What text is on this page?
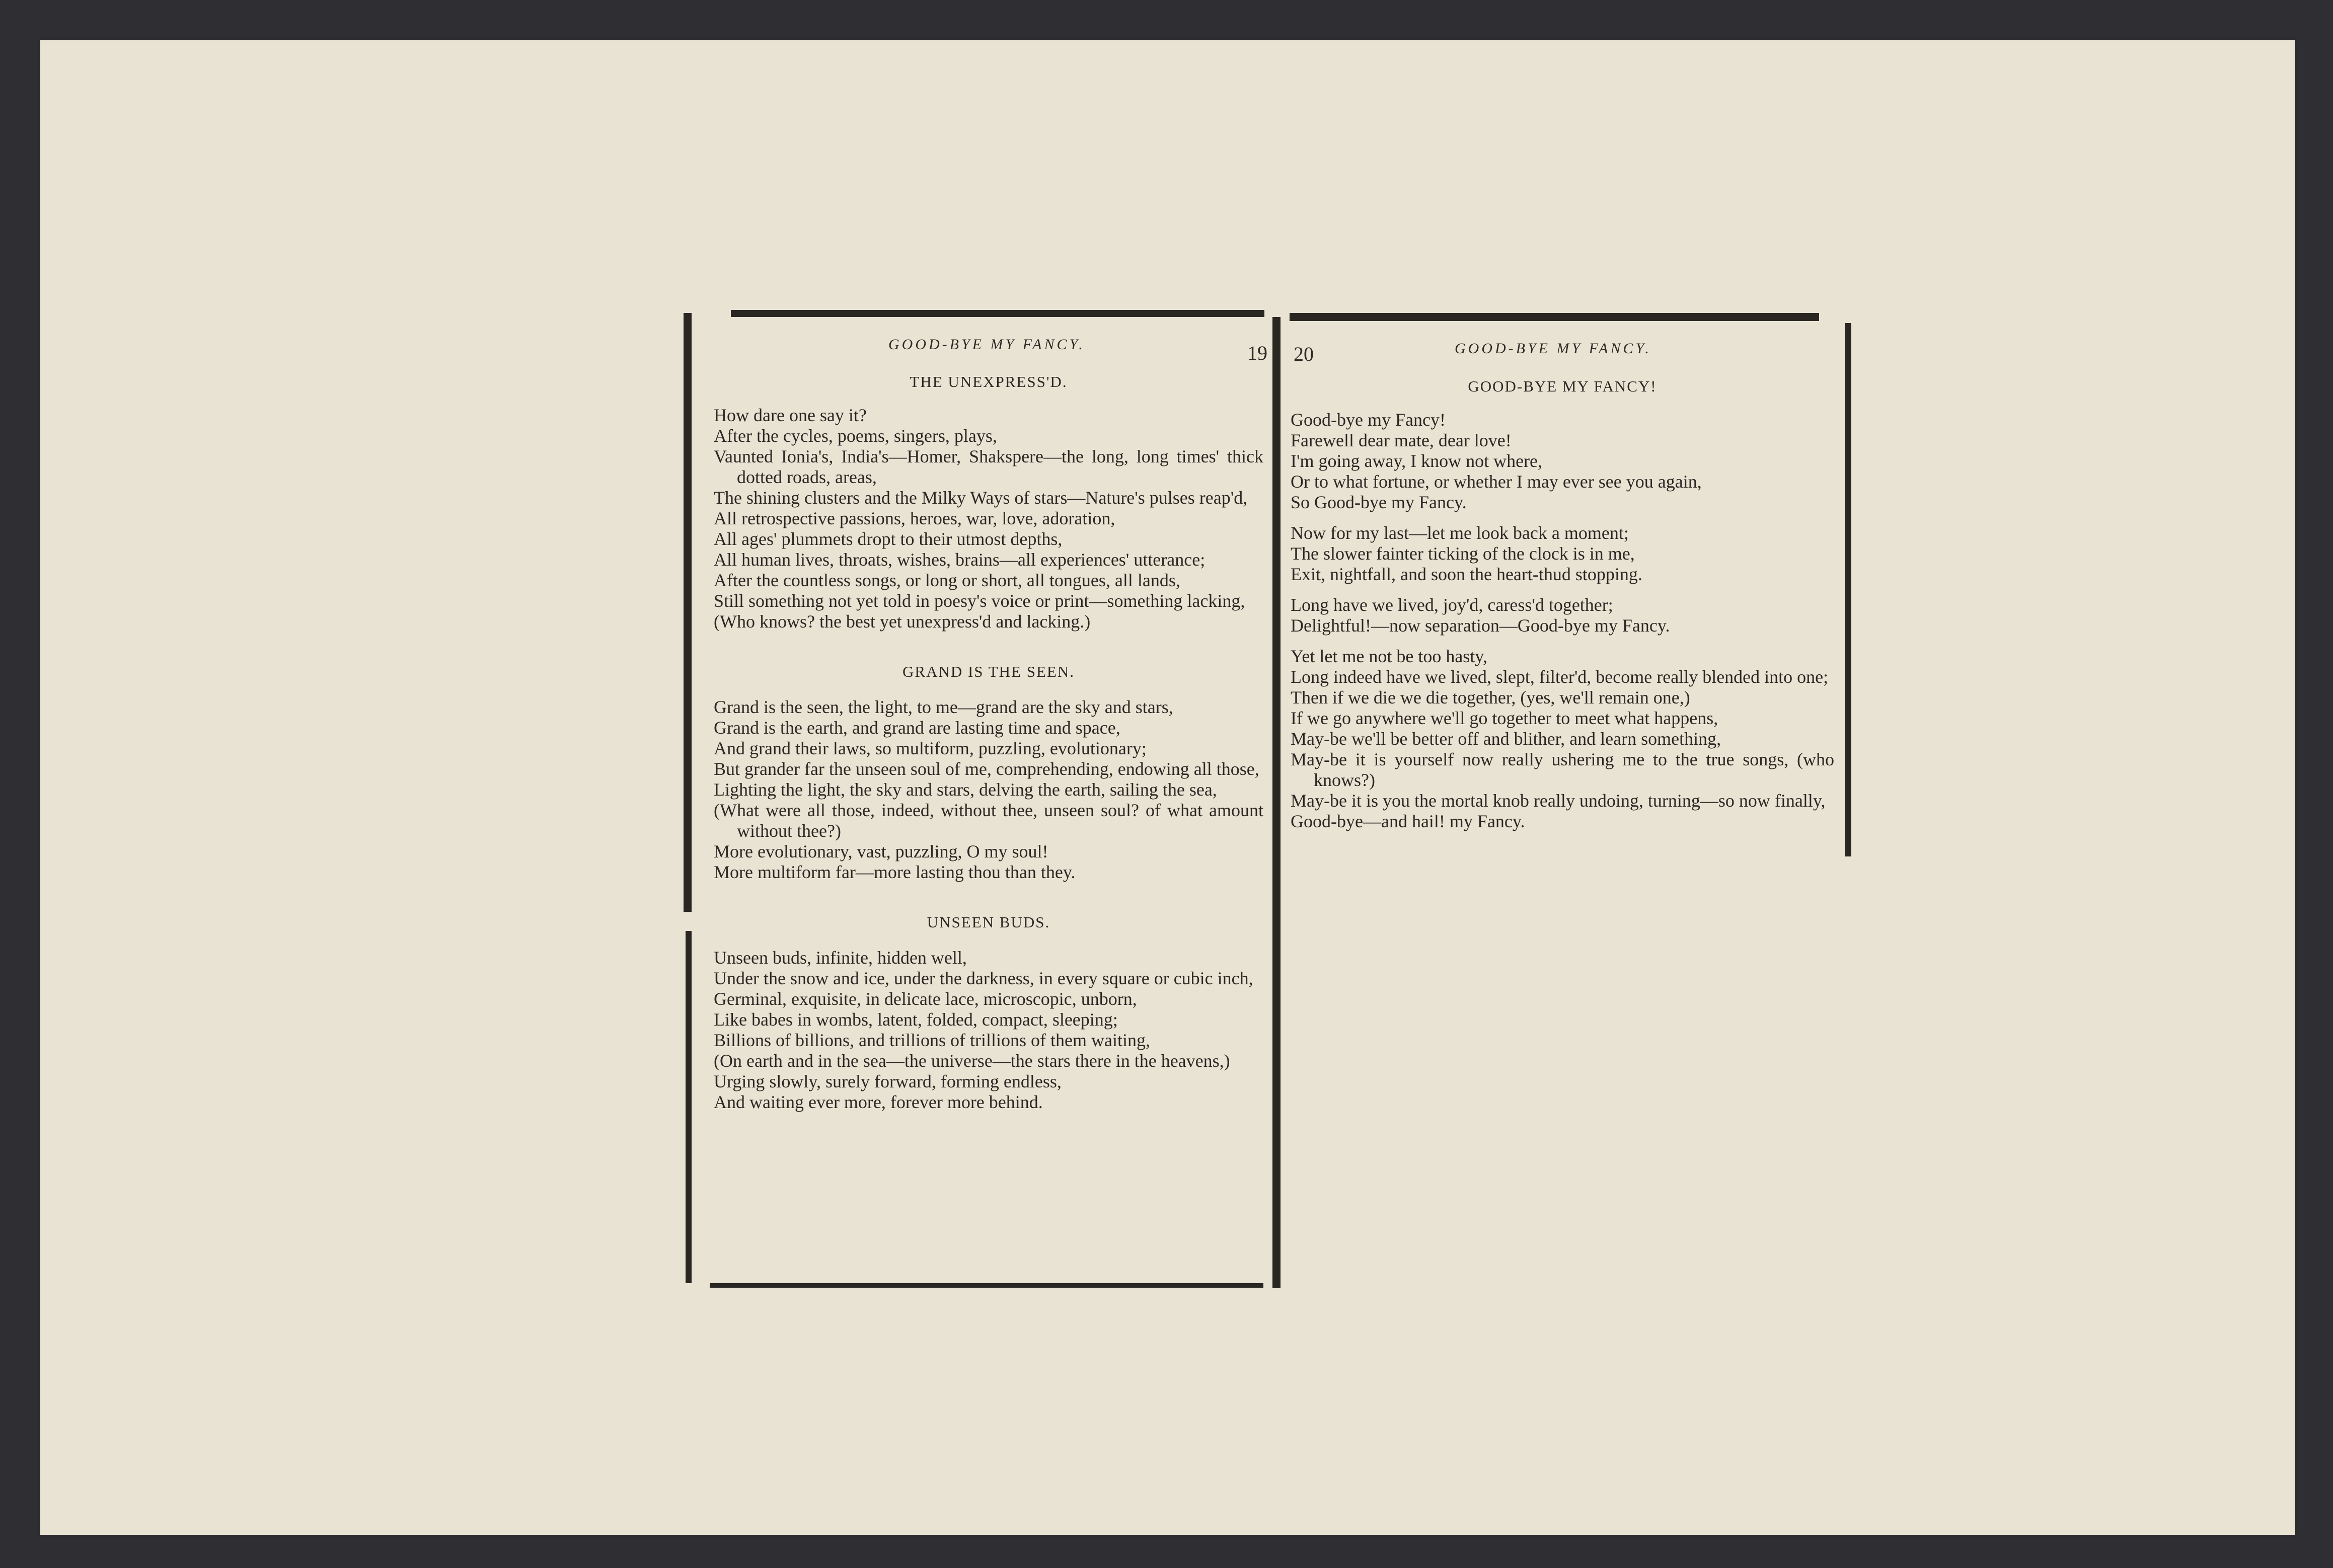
GOOD-BYE MY FANCY.	19

THE UNEXPRESS'D.

How dare one say it?

After the cycles, poems, singers, plays,

Vaunted Ionia's, India's—Homer, Shakspere—the long, long times' thick dotted roads, areas,

The shining clusters and the Milky Ways of stars—Nature's pulses reap'd,

All retrospective passions, heroes, war, love, adoration,

All ages' plummets dropt to their utmost depths,

All human lives, throats, wishes, brains—all experiences' utterance;

After the countless songs, or long or short, all tongues, all lands,

Still something not yet told in poesy's voice or print—something lacking,

(Who knows? the best yet unexpress'd and lacking.)

GRAND IS THE SEEN.

Grand is the seen, the light, to me—grand are the sky and stars,

Grand is the earth, and grand are lasting time and space,

And grand their laws, so multiform, puzzling, evolutionary;

But grander far the unseen soul of me, comprehending, endowing all those,

Lighting the light, the sky and stars, delving the earth, sailing the sea,

(What were all those, indeed, without thee, unseen soul? of what amount without thee?)

More evolutionary, vast, puzzling, O my soul!

More multiform far—more lasting thou than they.

UNSEEN BUDS.

Unseen buds, infinite, hidden well,

Under the snow and ice, under the darkness, in every square or cubic inch,

Germinal, exquisite, in delicate lace, microscopic, unborn,

Like babes in wombs, latent, folded, compact, sleeping;

Billions of billions, and trillions of trillions of them waiting,

(On earth and in the sea—the universe—the stars there in the heavens,)

Urging slowly, surely forward, forming endless,

And waiting ever more, forever more behind.

20	GOOD-BYE MY FANCY.

GOOD-BYE MY FANCY!

Good-bye my Fancy!

Farewell dear mate, dear love!

I'm going away, I know not where,

Or to what fortune, or whether I may ever see you again,

So Good-bye my Fancy.

Now for my last—let me look back a moment;

The slower fainter ticking of the clock is in me,

Exit, nightfall, and soon the heart-thud stopping.

Long have we lived, joy'd, caress'd together;

Delightful!—now separation—Good-bye my Fancy.

Yet let me not be too hasty,

Long indeed have we lived, slept, filter'd, become really blended into one;

Then if we die we die together, (yes, we'll remain one,)

If we go anywhere we'll go together to meet what happens,

May-be we'll be better off and blither, and learn something,

May-be it is yourself now really ushering me to the true songs, (who knows?)

May-be it is you the mortal knob really undoing, turning—so now finally,

Good-bye—and hail! my Fancy.
